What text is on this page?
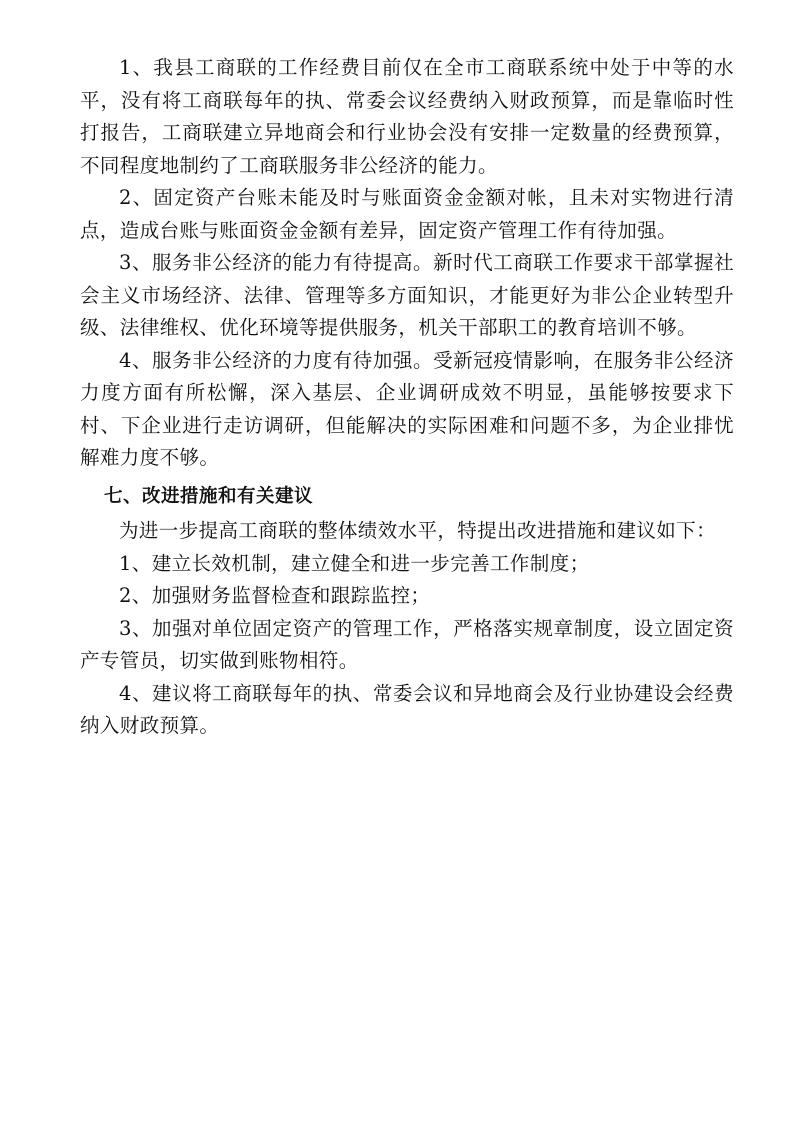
1、我县工商联的工作经费目前仅在全市工商联系统中处于中等的水平，没有将工商联每年的执、常委会议经费纳入财政预算，而是靠临时性打报告，工商联建立异地商会和行业协会没有安排一定数量的经费预算，不同程度地制约了工商联服务非公经济的能力。

2、固定资产台账未能及时与账面资金金额对帐，且未对实物进行清点，造成台账与账面资金金额有差异，固定资产管理工作有待加强。

3、服务非公经济的能力有待提高。新时代工商联工作要求干部掌握社会主义市场经济、法律、管理等多方面知识，才能更好为非公企业转型升级、法律维权、优化环境等提供服务，机关干部职工的教育培训不够。

4、服务非公经济的力度有待加强。受新冠疫情影响，在服务非公经济力度方面有所松懈，深入基层、企业调研成效不明显，虽能够按要求下村、下企业进行走访调研，但能解决的实际困难和问题不多，为企业排忧解难力度不够。

七、改进措施和有关建议

为进一步提高工商联的整体绩效水平，特提出改进措施和建议如下：

1、建立长效机制，建立健全和进一步完善工作制度；

2、加强财务监督检查和跟踪监控；

3、加强对单位固定资产的管理工作，严格落实规章制度，设立固定资产专管员，切实做到账物相符。

4、建议将工商联每年的执、常委会议和异地商会及行业协建设会经费纳入财政预算。
